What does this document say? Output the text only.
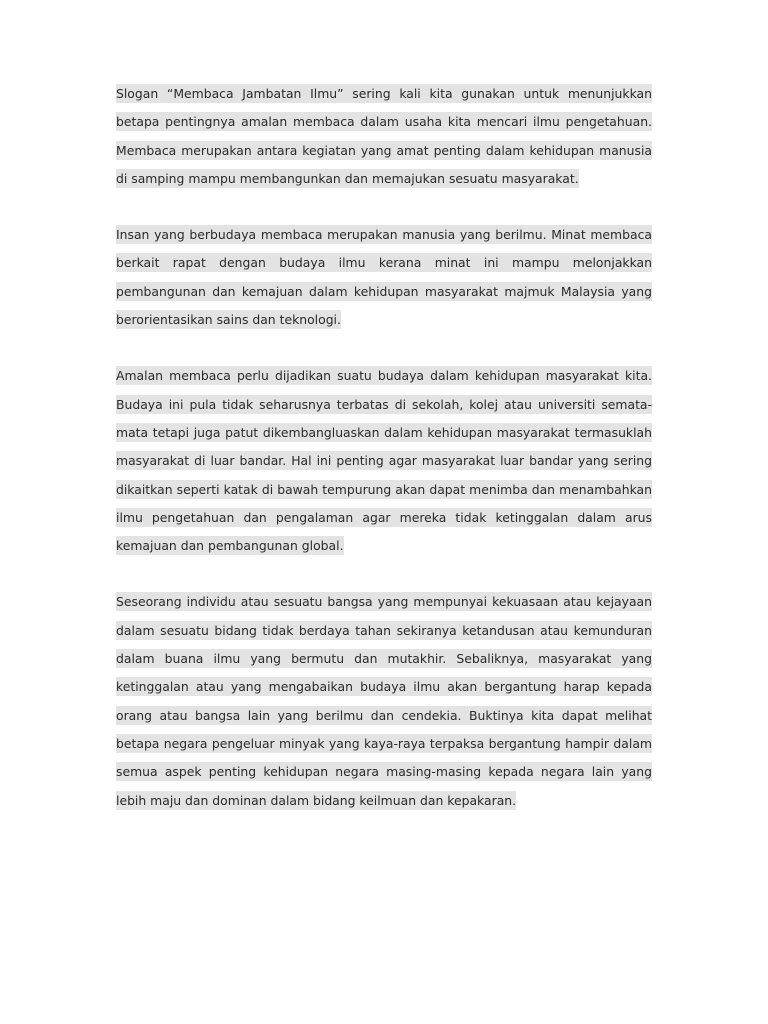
Slogan “Membaca Jambatan Ilmu” sering kali kita gunakan untuk menunjukkan betapa pentingnya amalan membaca dalam usaha kita mencari ilmu pengetahuan. Membaca merupakan antara kegiatan yang amat penting dalam kehidupan manusia di samping mampu membangunkan dan memajukan sesuatu masyarakat.

Insan yang berbudaya membaca merupakan manusia yang berilmu. Minat membaca berkait rapat dengan budaya ilmu kerana minat ini mampu melonjakkan pembangunan dan kemajuan dalam kehidupan masyarakat majmuk Malaysia yang berorientasikan sains dan teknologi.

Amalan membaca perlu dijadikan suatu budaya dalam kehidupan masyarakat kita. Budaya ini pula tidak seharusnya terbatas di sekolah, kolej atau universiti semata-mata tetapi juga patut dikembangluaskan dalam kehidupan masyarakat termasuklah masyarakat di luar bandar. Hal ini penting agar masyarakat luar bandar yang sering dikaitkan seperti katak di bawah tempurung akan dapat menimba dan menambahkan ilmu pengetahuan dan pengalaman agar mereka tidak ketinggalan dalam arus kemajuan dan pembangunan global.

Seseorang individu atau sesuatu bangsa yang mempunyai kekuasaan atau kejayaan dalam sesuatu bidang tidak berdaya tahan sekiranya ketandusan atau kemunduran dalam buana ilmu yang bermutu dan mutakhir. Sebaliknya, masyarakat yang ketinggalan atau yang mengabaikan budaya ilmu akan bergantung harap kepada orang atau bangsa lain yang berilmu dan cendekia. Buktinya kita dapat melihat betapa negara pengeluar minyak yang kaya-raya terpaksa bergantung hampir dalam semua aspek penting kehidupan negara masing-masing kepada negara lain yang lebih maju dan dominan dalam bidang keilmuan dan kepakaran.
